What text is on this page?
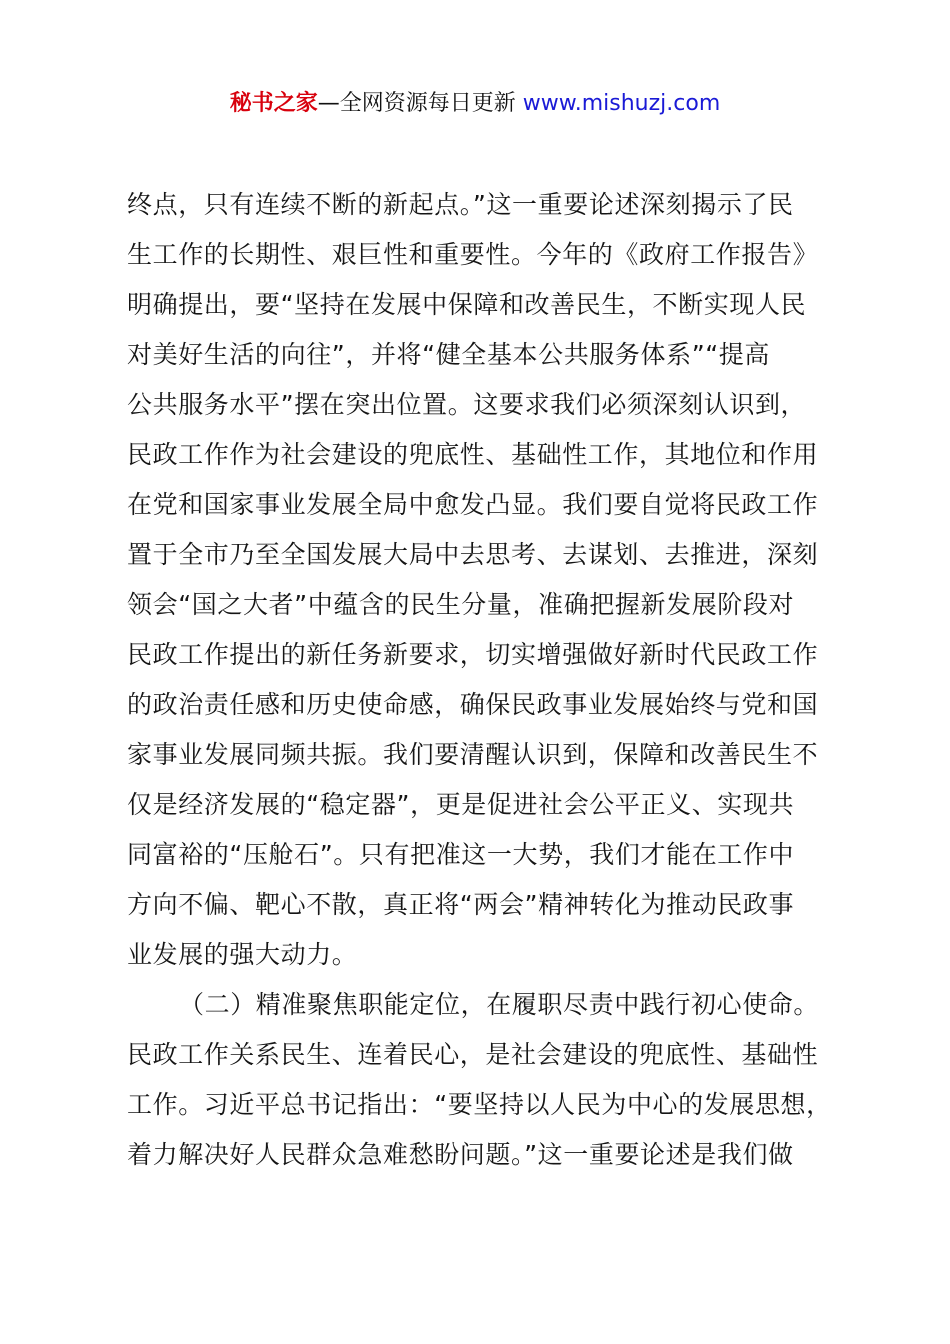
秘书之家—全网资源每日更新 www.mishuzj.com
终点，只有连续不断的新起点。”这一重要论述深刻揭示了民
生工作的长期性、艰巨性和重要性。今年的《政府工作报告》
明确提出，要“坚持在发展中保障和改善民生，不断实现人民
对美好生活的向往”，并将“健全基本公共服务体系”“提高
公共服务水平”摆在突出位置。这要求我们必须深刻认识到，
民政工作作为社会建设的兜底性、基础性工作，其地位和作用
在党和国家事业发展全局中愈发凸显。我们要自觉将民政工作
置于全市乃至全国发展大局中去思考、去谋划、去推进，深刻
领会“国之大者”中蕴含的民生分量，准确把握新发展阶段对
民政工作提出的新任务新要求，切实增强做好新时代民政工作
的政治责任感和历史使命感，确保民政事业发展始终与党和国
家事业发展同频共振。我们要清醒认识到，保障和改善民生不
仅是经济发展的“稳定器”，更是促进社会公平正义、实现共
同富裕的“压舱石”。只有把准这一大势，我们才能在工作中
方向不偏、靶心不散，真正将“两会”精神转化为推动民政事
业发展的强大动力。
（二）精准聚焦职能定位，在履职尽责中践行初心使命。
民政工作关系民生、连着民心，是社会建设的兜底性、基础性
工作。习近平总书记指出：“要坚持以人民为中心的发展思想，
着力解决好人民群众急难愁盼问题。”这一重要论述是我们做
